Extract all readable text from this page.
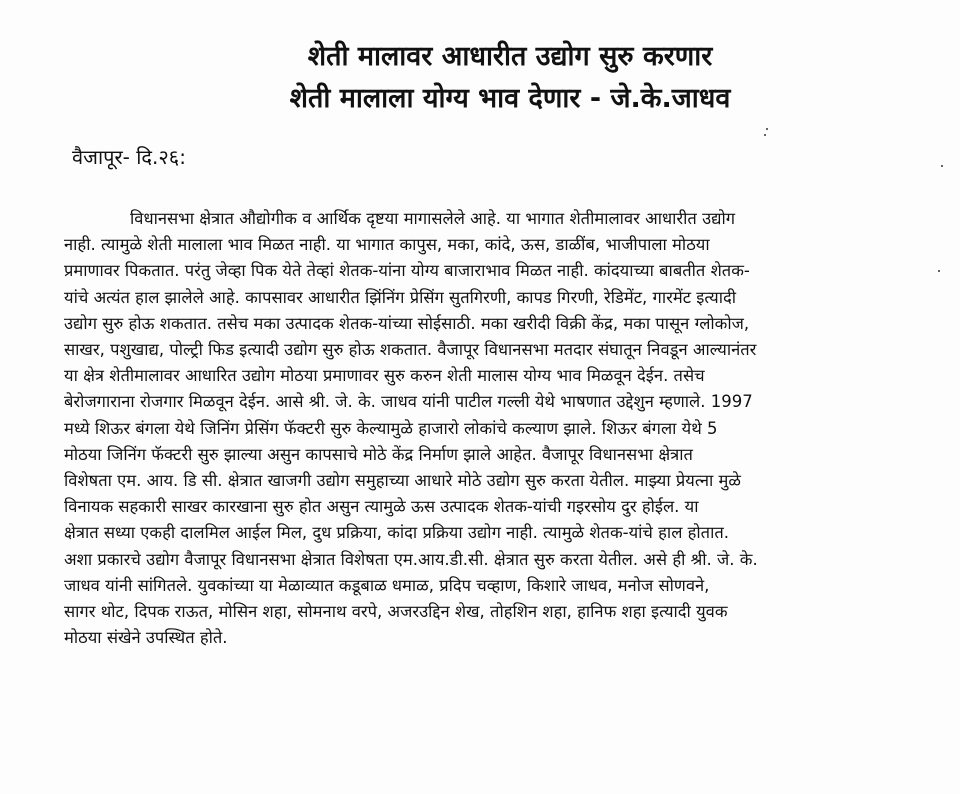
शेती मालावर आधारीत उद्योग सुरु करणार
शेती मालाला योग्य भाव देणार - जे.के.जाधव
वैजापूर- दि.२६:
विधानसभा क्षेत्रात औद्योगीक व आर्थिक दृष्टया मागासलेले आहे. या भागात शेतीमालावर आधारीत उद्योग
नाही. त्यामुळे शेती मालाला भाव मिळत नाही. या भागात कापुस, मका, कांदे, ऊस, डाळींब, भाजीपाला मोठया
प्रमाणावर पिकतात. परंतु जेव्हा पिक येते तेव्हां शेतक-यांना योग्य बाजाराभाव मिळत नाही. कांदयाच्या बाबतीत शेतक-
यांचे अत्यंत हाल झालेले आहे. कापसावर आधारीत झिंनिंग प्रेसिंग सुतगिरणी, कापड गिरणी, रेडिमेंट, गारमेंट इत्यादी
उद्योग सुरु होऊ शकतात. तसेच मका उत्पादक शेतक-यांच्या सोईसाठी. मका खरीदी विक्री केंद्र, मका पासून ग्लोकोज,
साखर, पशुखाद्य, पोल्ट्री फिड इत्यादी उद्योग सुरु होऊ शकतात. वैजापूर विधानसभा मतदार संघातून निवडून आल्यानंतर
या क्षेत्र शेतीमालावर आधारित उद्योग मोठया प्रमाणावर सुरु करुन शेती मालास योग्य भाव मिळवून देईन. तसेच
बेरोजगाराना रोजगार मिळवून देईन. आसे श्री. जे. के. जाधव यांनी पाटील गल्ली येथे भाषणात उद्देशुन म्हणाले. 1997
मध्ये शिऊर बंगला येथे जिनिंग प्रेसिंग फॅक्टरी सुरु केल्यामुळे हाजारो लोकांचे कल्याण झाले. शिऊर बंगला येथे 5
मोठया जिनिंग फॅक्टरी सुरु झाल्या असुन कापसाचे मोठे केंद्र निर्माण झाले आहेत. वैजापूर विधानसभा क्षेत्रात
विशेषता एम. आय. डि सी. क्षेत्रात खाजगी उद्योग समुहाच्या आधारे मोठे उद्योग सुरु करता येतील. माझ्या प्रेयत्ना मुळे
विनायक सहकारी साखर कारखाना सुरु होत असुन त्यामुळे ऊस उत्पादक शेतक-यांची गइरसोय दुर होईल. या
क्षेत्रात सध्या एकही दालमिल आईल मिल, दुध प्रक्रिया, कांदा प्रक्रिया उद्योग नाही. त्यामुळे शेतक-यांचे हाल होतात.
अशा प्रकारचे उद्योग वैजापूर विधानसभा क्षेत्रात विशेषता एम.आय.डी.सी. क्षेत्रात सुरु करता येतील. असे ही श्री. जे. के.
जाधव यांनी सांगितले. युवकांच्या या मेळाव्यात कडूबाळ धमाळ, प्रदिप चव्हाण, किशारे जाधव, मनोज सोणवने,
सागर थोट, दिपक राऊत, मोसिन शहा, सोमनाथ वरपे, अजरउद्दिन शेख, तोहशिन शहा, हानिफ शहा इत्यादी युवक
मोठया संखेने उपस्थित होते.
